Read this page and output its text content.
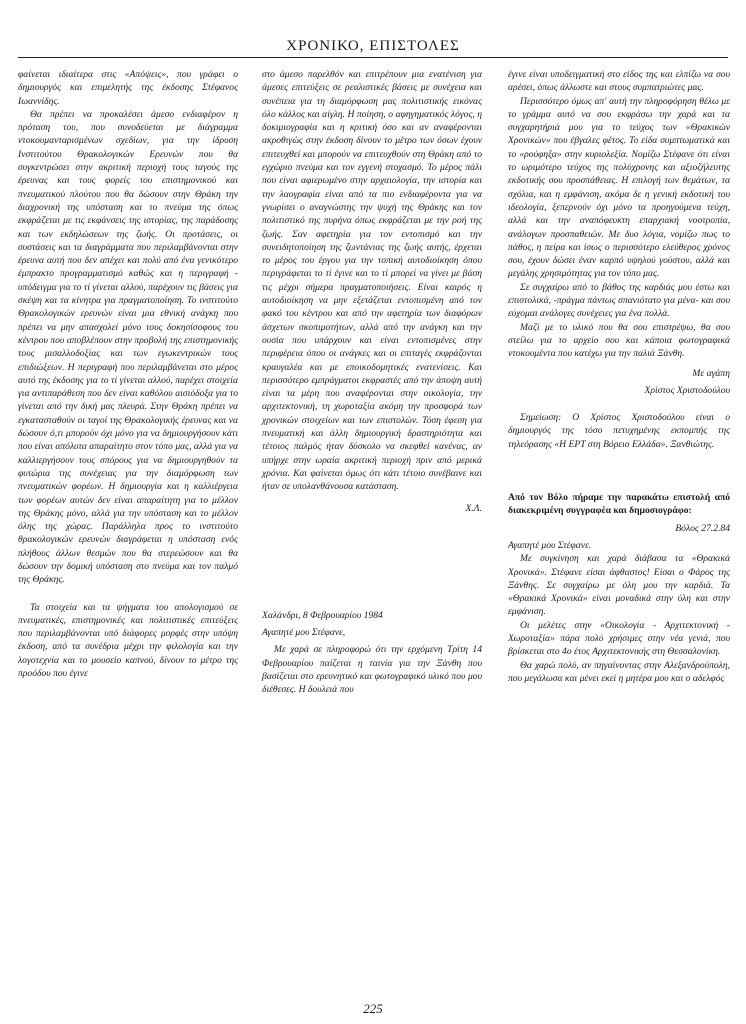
ΧΡΟΝΙΚΟ, ΕΠΙΣΤΟΛΕΣ

φαίνεται ιδιαίτερα στις «Απόψεις», που γράφει ο δημιουργός και επιμελητής της έκδοσης Στέφανος Ιωαννίδης.

Θα πρέπει να προκαλέσει άμεσο ενδιαφέρον η πρόταση του, που συνοδεύεται με διάγραμμα ντοκουμανταρισμένων σχεδίων, για την ίδρυση Ινστιτούτου Θρακολογικών Ερευνών που θα συγκεντρώσει στην ακριτική περιοχή τους ταγούς της έρευνας και τους φορείς του επιστημονικού και πνευματικού πλούτου που θα δώσουν στην Θράκη την διαχρονική της υπόσταση και το πνεύμα της όπως εκφράζεται με τις εκφάνσεις της ιστορίας, της παράδοσης και των εκδηλώσεων της ζωής. Οι προτάσεις, οι συστάσεις και τα διαγράμματα που περιλαμβάνονται στην έρευνα αυτή που δεν απέχει και πολύ από ένα γενικότερο έμπρακτο προγραμματισμό καθώς και η περιγραφή - υπόδειγμα για το τί γίνεται αλλού, παρέχουν τις βάσεις για σκέψη και τα κίνητρα για πραγματοποίηση. Το ινστιτούτο Θρακολογικών ερευνών είναι μια εθνική ανάγκη που πρέπει να μην απασχολεί μόνο τους δοκησίσοφους του κέντρου που αποβλέπουν στην προβολή της επιστημονικής τους μισαλλοδοξίας και των εγωκεντρικών τους επιδιώξεων. Η περιγραφή που περιλαμβάνεται στο μέρος αυτό της έκδοσης για το τί γίνεται αλλού, παρέχει στοιχεία για αντιπαράθεση που δεν είναι καθόλου αισιόδοξα για το γίνεται από την δική μας πλευρά. Στην Θράκη πρέπει να εγκατασταθούν οι ταγοί της Θρακολογικής έρευνας και να δώσουν ό,τι μπορούν όχι μόνο για να δημιουργήσουν κάτι που είναι απόλυτα απαραίτητο στον τόπο μας, αλλά για να καλλιεργήσουν τους σπόρους για να δημιουργηθούν τα φυτώρια της συνέχειας για την διαμόρφωση των πνευματικών φορέων. Η δημιουργία και η καλλιέργεια των φορέων αυτών δεν είναι απαραίτητη για το μέλλον της Θράκης μόνο, αλλά για την υπόσταση και το μέλλον όλης της χώρας. Παράλληλα προς το ινστιτούτο θρακολογικών ερευνών διαγράφεται η υπόσταση ενός πλήθους άλλων θεσμών που θα στερεώσουν και θα δώσουν την δομική υπόσταση στο πνεύμα και τον παλμό της Θράκης.

Τα στοιχεία και τα ψήγματα του απολογισμού σε πνευματικές, επιστημονικές και πολιτιστικές επιτεύξεις που περιλαμβάνονται υπό διάφορες μορφές στην υπόψη έκδοση, από τα συνέδρια μέχρι την φιλολογία και την λογοτεχνία και το μουσείο καπνού, δίνουν το μέτρο της προόδου που έγινε

στο άμεσο παρελθόν και επιτρέπουν μια ενατένιση για άμεσες επιτεύξεις σε ρεαλιστικές βάσεις με συνέχεια και συνέπεια για τη διαμόρφωση μας πολιτιστικής εικόνας όλο κάλλος και αίγλη. Η ποίηση, ο αφηγηματικός λόγος, η δοκιμιογραφία και η κριτική όσο και αν αναφέρονται ακροθιγώς στην έκδοση δίνουν το μέτρο των όσων έχουν επιτευχθεί και μπορούν να επιτευχθούν στη Θράκη από το εγχώριο πνεύμα και τον εγγενή στοχασμό. Το μέρος πάλι που είναι αφιερωμένο στην αρχαιολογία, την ιστορία και την λαογραφία είναι από τα πιο ενδιαφέροντα για να γνωρίσει ο αναγνώστης την ψυχή της Θράκης και τον πολιτιστικό της πυρήνα όπως εκφράζεται με την ροή της ζωής. Σαν αφετηρία για τον εντοπισμό και την συνειδητοποίηση της ζωντάνιας της ζωής αυτής, έρχεται το μέρος του έργου για την τοπική αυτοδιοίκηση όπου περιγράφεται το τί έγινε και το τί μπορεί να γίνει με βάση τις μέχρι σήμερα πραγματοποιήσεις. Είναι καιρός η αυτοδιοίκηση να μην εξετάζεται εντοπισμένη από τον φακό του κέντρου και από την αφετηρία των διαφόρων άσχετων σκοπιμοτήτων, αλλά από την ανάγκη και την ουσία που υπάρχουν και είναι εντοπισμένες στην περιφέρεια όπου οι ανάγκες και οι επιταγές εκφράζονται κραυγαλέα και με εποικοδομητικές ενατενίσεις. Και περισσότερο εμπράγματοι εκφραστές από την άποψη αυτή είναι τα μέρη που αναφέρονται στην οικολογία, την αρχιτεκτονική, τη χωροταξία ακόμη την προσφορά των χρονικών στοιχείων και των επιστολών. Τόση έφεση για πνευματική και άλλη δημιουργική δραστηριότητα και τέτοιος παλμός ήταν δύσκολο να σκεφθεί κανένας, αν υπήρχε στην ωραία ακριτική περιοχή πριν από μερικά χρόνια. Και φαίνεται όμως ότι κάτι τέτοιο συνέβαινε και ήταν σε υπολανθάνουσα κατάσταση.

Χ.Λ.

Χαλάνδρι, 8 Φεβρουαρίου 1984

Αγαπητέ μου Στέφανε,

Με χαρά σε πληροφορώ ότι την ερχόμενη Τρίτη 14 Φεβρουαρίου παίζεται η ταινία για την Ξάνθη που βασίζεται στο ερευνητικό και φωτογραφικό υλικό που μου διέθεσες. Η δουλειά που

έγινε είναι υποδειγματική στο είδος της και ελπίζω να σου αρέσει, όπως άλλωστε και στους συμπατριώτες μας.

Περισσότερο όμως απ' αυτή την πληροφόρηση θέλω με το γράμμα αυτό να σου εκφράσω την χαρά και τα συγχαρητήριά μου για το τεύχος των «Θρακικών Χρονικών» που έβγαλες φέτος. Το είδα συμπτωματικά και το «ρούφηξα» στην κυριολεξία. Νομίζω Στέφανε ότι είναι το ωριμότερο τεύχος της πολύχρονης και αξιοζήλευτης εκδοτικής σου προσπάθειας. Η επιλογή των θεμάτων, τα σχόλια, και η εμφάνιση, ακόμα δε η γενική εκδοτική του ιδεολογία, ξεπερνούν όχι μόνο τα προηγούμενα τεύχη, αλλά και την αναπόφευκτη επαρχιακή νοοτροπία, ανάλογων προσπαθειών. Με δυο λόγια, νομίζω πως το πάθος, η πείρα και ίσως ο περισσότερο ελεύθερος χρόνος σου, έχουν δώσει έναν καρπό υψηλού γούστου, αλλά και μεγάλης χρησιμότητας για τον τόπο μας.

Σε συγχαίρω από το βάθος της καρδιάς μου έστω και επιστολικά, -πράγμα πάντως σπανιότατο για μένα- και σου εύχομαι ανάλογες συνέχειες για ένα πολλά.

Μαζί με το υλικό που θα σου επιστρέψω, θα σου στείλω για το αρχείο σου και κάποια φωτογραφικά ντοκουμέντα που κατέχω για την παλιά Ξάνθη.

Με αγάπη

Χρίστος Χριστοδούλου

Σημείωση: Ο Χρίστος Χριστοδούλου είναι ο δημιουργός της τόσο πετυχημένης εκπομπής της τηλεόρασης «Η ΕΡΤ στη Βόρειο Ελλάδα». Ξανθιώτης.

Από τον Βόλο πήραμε την παρακάτω επιστολή από διακεκριμένη συγγραφέα και δημοσιογράφο:

Βόλος 27.2.84

Αγαπητέ μου Στέφανε.

Με συγκίνηση και χαρά διάβασα τα «Θρακικά Χρονικά». Στέφανε είσαι άφθαστος! Είσαι ο Φάρος της Ξάνθης. Σε συγχαίρω με όλη μου την καρδιά. Τα «Θρακικά Χρονικά» είναι μοναδικά στην ύλη και στην εμφάνιση.

Οι μελέτες στην «Οικολογία - Αρχιτεκτονική - Χωροταξία» πάρα πολύ χρήσιμες στην νέα γενιά, που βρίσκεται στο 4ο έτος Αρχιτεκτονικής στη Θεσσαλονίκη.

Θα χαρώ πολύ, αν πηγαίνοντας στην Αλεξανδρούπολη, που μεγάλωσα και μένει εκεί η μητέρα μου και ο αδελφός

225
